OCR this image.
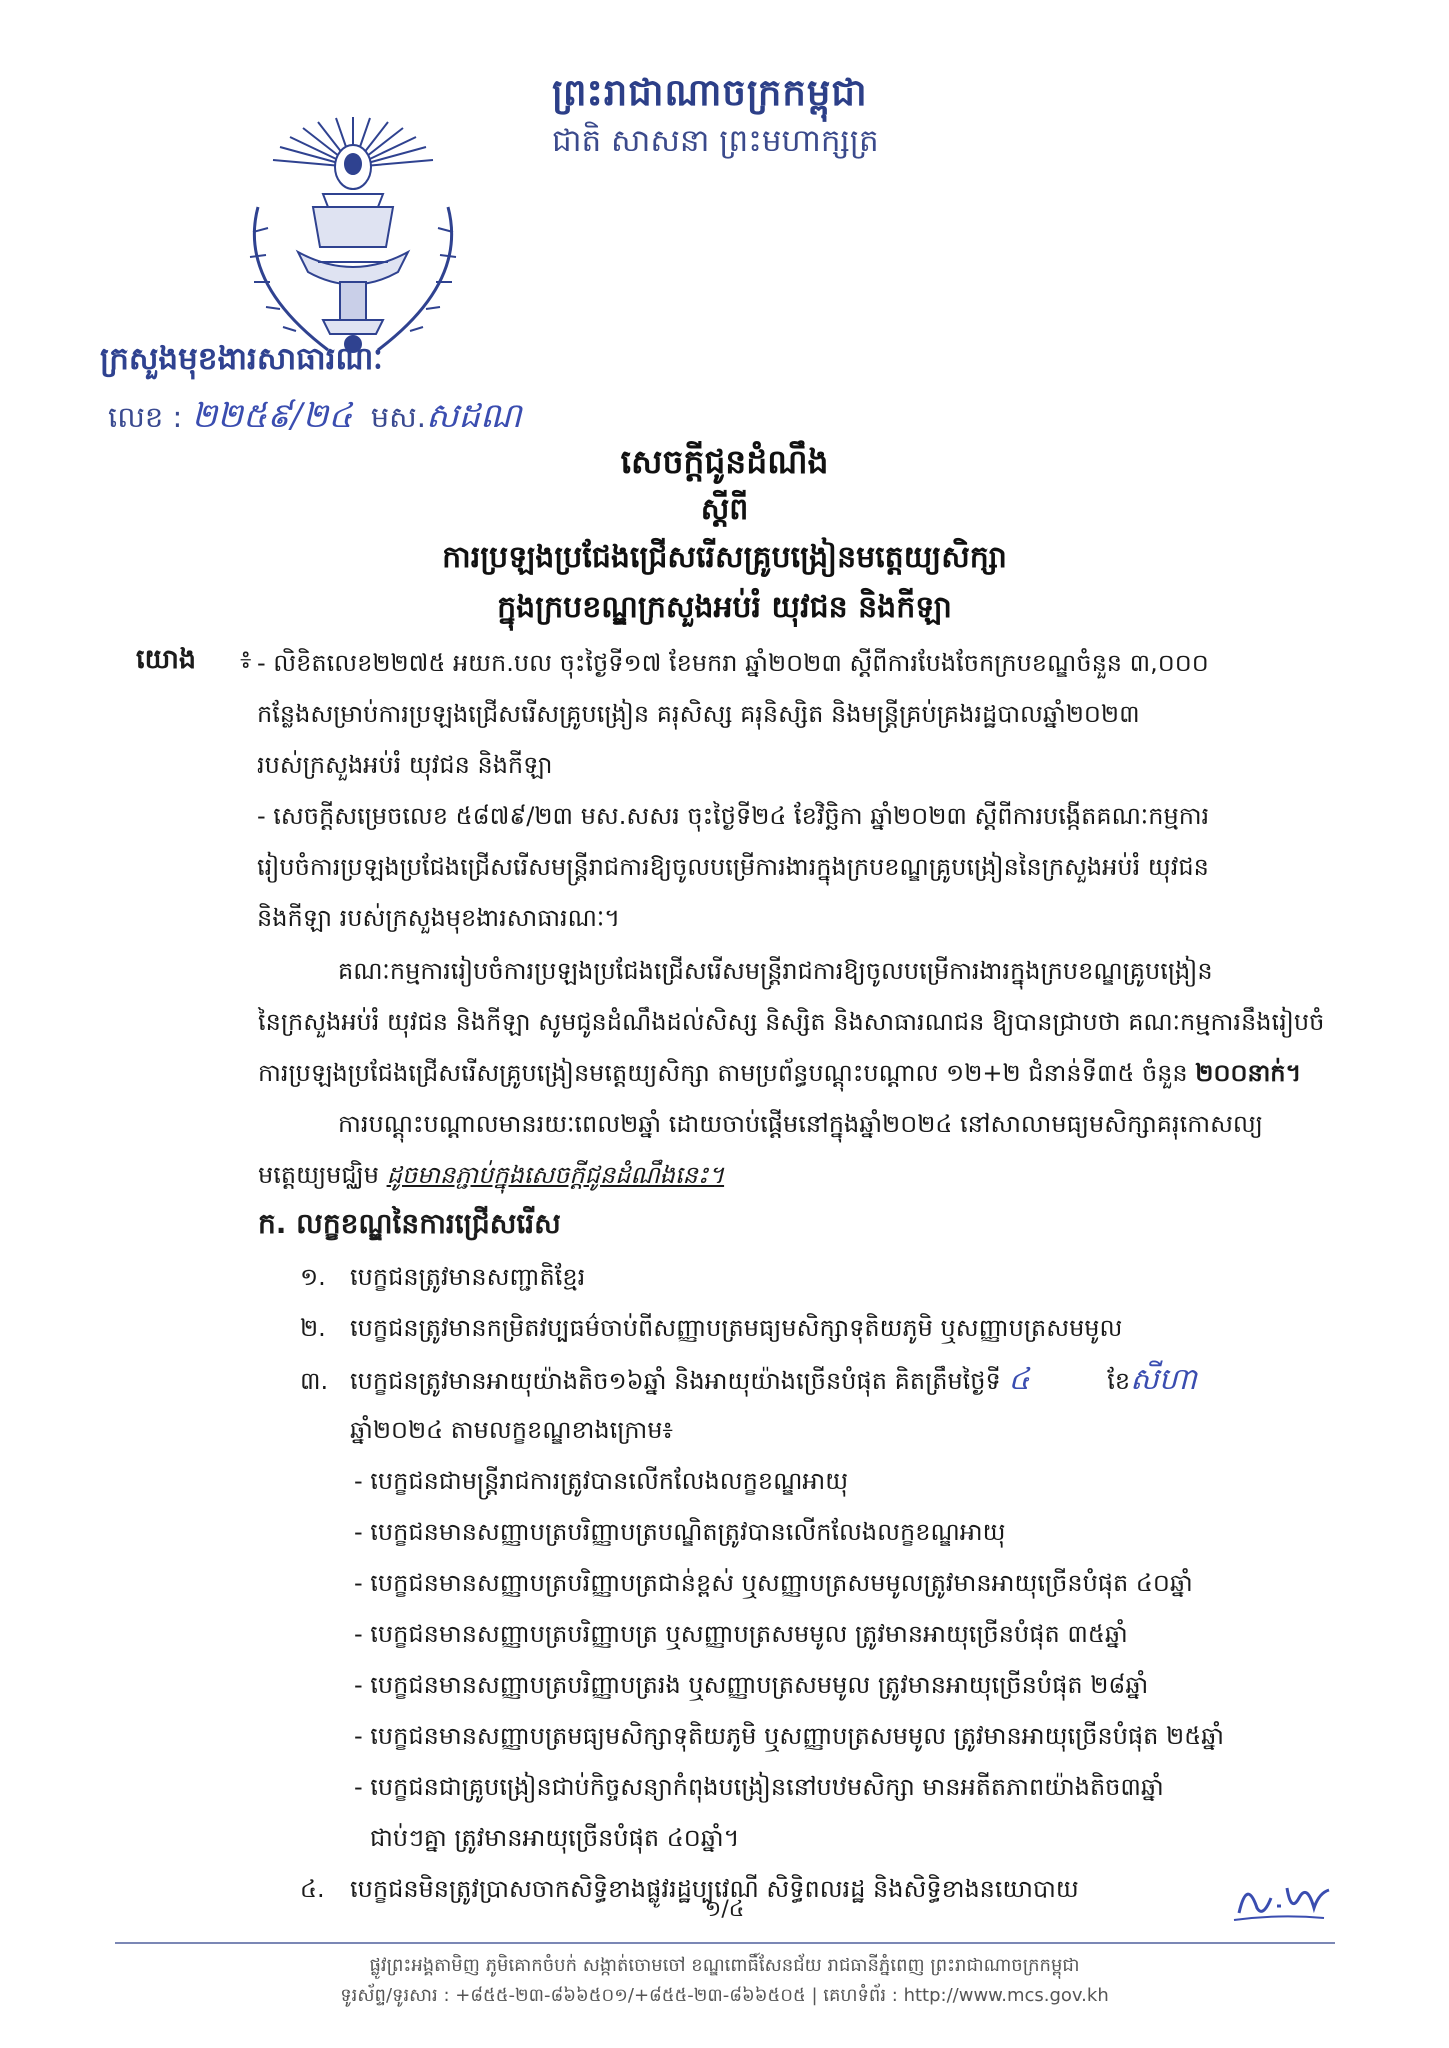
ព្រះរាជាណាចក្រកម្ពុជា
ជាតិ សាសនា ព្រះមហាក្សត្រ
ក្រសួងមុខងារសាធារណៈ
លេខ : ២២៥៩/២៤ មស.សដណ
សេចក្តីជូនដំណឹង
ស្តីពី
ការប្រឡងប្រជែងជ្រើសរើសគ្រូបង្រៀនមត្តេយ្យសិក្សា
ក្នុងក្របខណ្ឌក្រសួងអប់រំ យុវជន និងកីឡា
យោង ៖ - លិខិតលេខ២២៧៥ អយក.បល ចុះថ្ងៃទី១៧ ខែមករា ឆ្នាំ២០២៣ ស្តីពីការបែងចែកក្របខណ្ឌចំនួន ៣,០០០
កន្លែងសម្រាប់ការប្រឡងជ្រើសរើសគ្រូបង្រៀន គរុសិស្ស គរុនិស្សិត និងមន្ត្រីគ្រប់គ្រងរដ្ឋបាលឆ្នាំ២០២៣
របស់ក្រសួងអប់រំ យុវជន និងកីឡា
- សេចក្តីសម្រេចលេខ ៥៨៧៩/២៣ មស.សសរ ចុះថ្ងៃទី២៤ ខែវិច្ឆិកា ឆ្នាំ២០២៣ ស្តីពីការបង្កើតគណៈកម្មការ
រៀបចំការប្រឡងប្រជែងជ្រើសរើសមន្ត្រីរាជការឱ្យចូលបម្រើការងារក្នុងក្របខណ្ឌគ្រូបង្រៀននៃក្រសួងអប់រំ យុវជន
និងកីឡា របស់ក្រសួងមុខងារសាធារណៈ។
គណៈកម្មការរៀបចំការប្រឡងប្រជែងជ្រើសរើសមន្ត្រីរាជការឱ្យចូលបម្រើការងារក្នុងក្របខណ្ឌគ្រូបង្រៀន
នៃក្រសួងអប់រំ យុវជន និងកីឡា សូមជូនដំណឹងដល់សិស្ស និស្សិត និងសាធារណជន ឱ្យបានជ្រាបថា គណៈកម្មការនឹងរៀបចំ
ការប្រឡងប្រជែងជ្រើសរើសគ្រូបង្រៀនមត្តេយ្យសិក្សា តាមប្រព័ន្ធបណ្តុះបណ្តាល ១២+២ ជំនាន់ទី៣៥ ចំនួន ២០០នាក់។
ការបណ្តុះបណ្តាលមានរយៈពេល២ឆ្នាំ ដោយចាប់ផ្តើមនៅក្នុងឆ្នាំ២០២៤ នៅសាលាមធ្យមសិក្សាគរុកោសល្យ
មត្តេយ្យមជ្ឈិម ដូចមានភ្ជាប់ក្នុងសេចក្តីជូនដំណឹងនេះ។
ក. លក្ខខណ្ឌនៃការជ្រើសរើស
១. បេក្ខជនត្រូវមានសញ្ជាតិខ្មែរ
២. បេក្ខជនត្រូវមានកម្រិតវប្បធម៌ចាប់ពីសញ្ញាបត្រមធ្យមសិក្សាទុតិយភូមិ ឬសញ្ញាបត្រសមមូល
៣. បេក្ខជនត្រូវមានអាយុយ៉ាងតិច១៦ឆ្នាំ និងអាយុយ៉ាងច្រើនបំផុត គិតត្រឹមថ្ងៃទី ៤	ខែសីហា
ឆ្នាំ២០២៤ តាមលក្ខខណ្ឌខាងក្រោម៖
- បេក្ខជនជាមន្ត្រីរាជការត្រូវបានលើកលែងលក្ខខណ្ឌអាយុ
- បេក្ខជនមានសញ្ញាបត្របរិញ្ញាបត្របណ្ឌិតត្រូវបានលើកលែងលក្ខខណ្ឌអាយុ
- បេក្ខជនមានសញ្ញាបត្របរិញ្ញាបត្រជាន់ខ្ពស់ ឬសញ្ញាបត្រសមមូលត្រូវមានអាយុច្រើនបំផុត ៤០ឆ្នាំ
- បេក្ខជនមានសញ្ញាបត្របរិញ្ញាបត្រ ឬសញ្ញាបត្រសមមូល ត្រូវមានអាយុច្រើនបំផុត ៣៥ឆ្នាំ
- បេក្ខជនមានសញ្ញាបត្របរិញ្ញាបត្ររង ឬសញ្ញាបត្រសមមូល ត្រូវមានអាយុច្រើនបំផុត ២៨ឆ្នាំ
- បេក្ខជនមានសញ្ញាបត្រមធ្យមសិក្សាទុតិយភូមិ ឬសញ្ញាបត្រសមមូល ត្រូវមានអាយុច្រើនបំផុត ២៥ឆ្នាំ
- បេក្ខជនជាគ្រូបង្រៀនជាប់កិច្ចសន្យាកំពុងបង្រៀននៅបឋមសិក្សា មានអតីតភាពយ៉ាងតិច៣ឆ្នាំ
ជាប់ៗគ្នា ត្រូវមានអាយុច្រើនបំផុត ៤០ឆ្នាំ។
៤. បេក្ខជនមិនត្រូវប្រាសចាកសិទ្ធិខាងផ្លូវរដ្ឋប្បវេណី សិទ្ធិពលរដ្ឋ និងសិទ្ធិខាងនយោបាយ
១/៤
ផ្លូវព្រះអង្គតាមិញ ភូមិគោកចំបក់ សង្កាត់ចោមចៅ ខណ្ឌពោធិ៍សែនជ័យ រាជធានីភ្នំពេញ ព្រះរាជាណាចក្រកម្ពុជា
ទូរស័ព្ទ/ទូរសារ : +៨៥៥-២៣-៨៦៦៥០១/+៨៥៥-២៣-៨៦៦៥០៥ | គេហទំព័រ : http://www.mcs.gov.kh
